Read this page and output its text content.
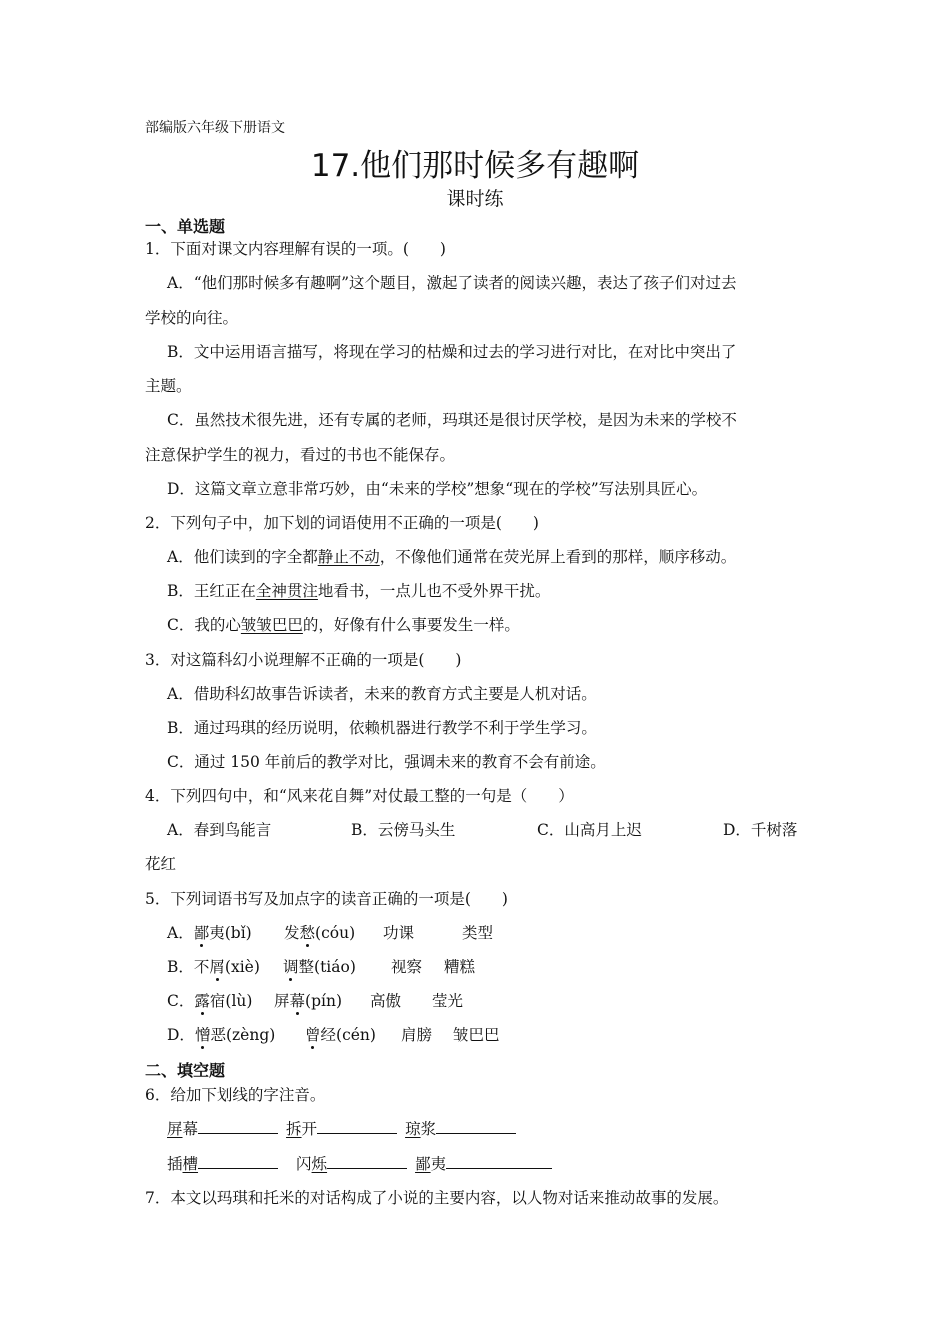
部编版六年级下册语文
17.他们那时候多有趣啊
课时练
一、单选题
1．下面对课文内容理解有误的一项。(　　)
A．“他们那时候多有趣啊”这个题目，激起了读者的阅读兴趣，表达了孩子们对过去
学校的向往。
B．文中运用语言描写，将现在学习的枯燥和过去的学习进行对比，在对比中突出了
主题。
C．虽然技术很先进，还有专属的老师，玛琪还是很讨厌学校，是因为未来的学校不
注意保护学生的视力，看过的书也不能保存。
D．这篇文章立意非常巧妙，由“未来的学校”想象“现在的学校”写法别具匠心。
2．下列句子中，加下划的词语使用不正确的一项是(　　)
A．他们读到的字全都静止不动，不像他们通常在荧光屏上看到的那样，顺序移动。
B．王红正在全神贯注地看书，一点儿也不受外界干扰。
C．我的心皱皱巴巴的，好像有什么事要发生一样。
3．对这篇科幻小说理解不正确的一项是(　　)
A．借助科幻故事告诉读者，未来的教育方式主要是人机对话。
B．通过玛琪的经历说明，依赖机器进行教学不利于学生学习。
C．通过 150 年前后的教学对比，强调未来的教育不会有前途。
4．下列四句中，和“风来花自舞”对仗最工整的一句是（　　）
A．春到鸟能言	B．云傍马头生	C．山高月上迟	D．千树落
花红
5．下列词语书写及加点字的读音正确的一项是(　　)
A．鄙夷(bǐ) 发愁(cóu) 功课	类型
B．不屑(xiè) 调整(tiáo) 视察 糟糕
C．露宿(lù) 屏幕(pín) 高傲 莹光
D．憎恶(zèng) 曾经(cén) 肩膀 皱巴巴
二、填空题
6．给加下划线的字注音。
屏幕	拆开	琼浆
插槽	闪烁	鄙夷
7．本文以玛琪和托米的对话构成了小说的主要内容，以人物对话来推动故事的发展。
